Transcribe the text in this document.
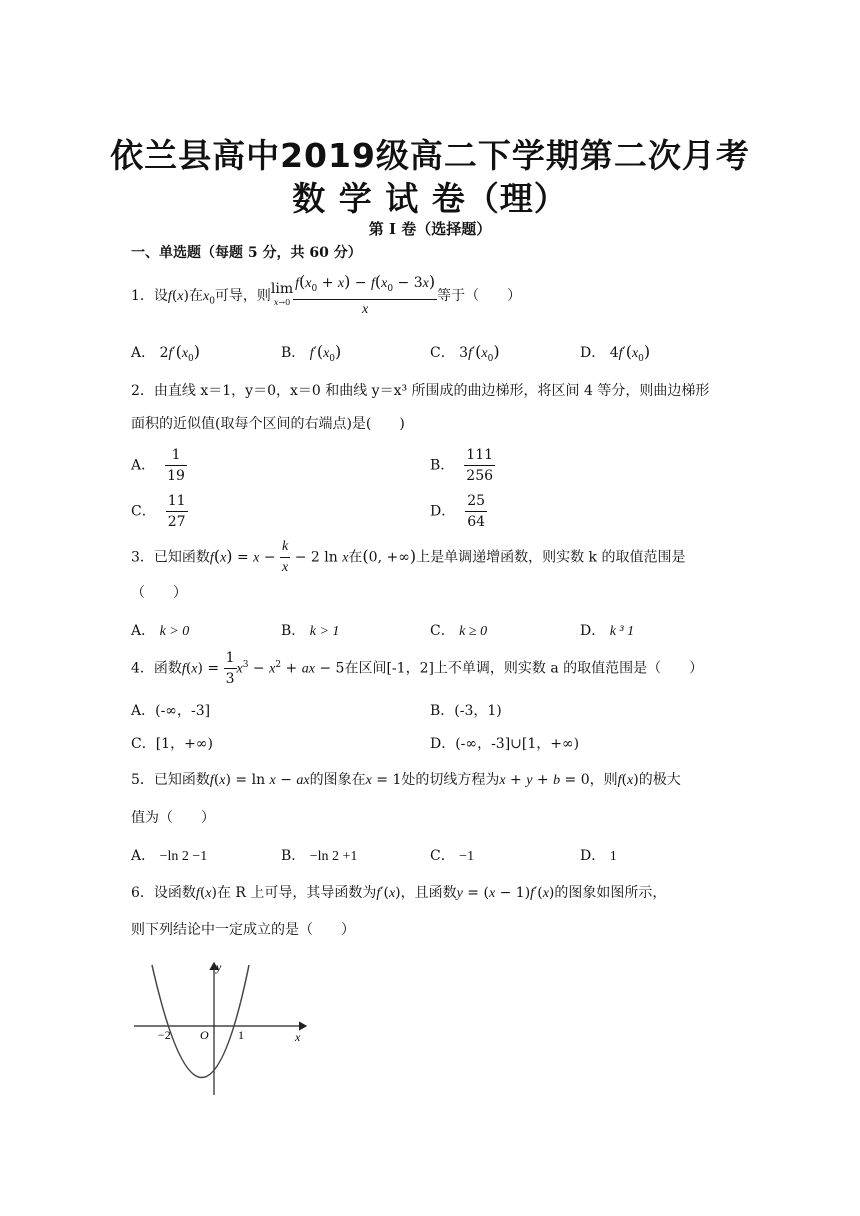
依兰县高中2019级高二下学期第二次月考
数 学 试 卷（理）
第 I 卷（选择题）
一、单选题（每题 5 分，共 60 分）
1．设f(x)在$x_0$可导，则lim
$x\to 0 \frac{f(x_0 + x) - f(x_0 - 3x)}{x}$ 等于（　　）
A． $2f'(x_0)$	B． $f'(x_0)$	C． $3f'(x_0)$	D． $4f'(x_0)$
2．由直线 x＝1，y＝0，x＝0 和曲线 y＝x³ 所围成的曲边梯形，将区间 4 等分，则曲边梯形
面积的近似值(取每个区间的右端点)是(　　)
A． $\frac{1}{19}$	B． $\frac{111}{256}$
C． $\frac{11}{27}$	D． $\frac{25}{64}$
3．已知函数$f(x) = x - \frac{k}{x} - 2$ ln x在(0, +∞)上是单调递增函数，则实数 k 的取值范围是
（　　）
A． k > 0	B． k > 1	C． k ≥ 0	D． k ³ 1
4．函数$f(x) = \frac{1}{3} x^3 - x^2$ + ax − 5在区间[-1，2]上不单调，则实数 a 的取值范围是（　　）
A．(-∞，-3]	B．(-3，1)
C．[1，+∞)	D．(-∞，-3]∪[1，+∞)
5．已知函数f(x) = ln x − ax的图象在x = 1处的切线方程为x + y + b = 0，则f(x)的极大
值为（　　）
A． −ln 2 −1	B． −ln 2 +1	C． −1	D． 1
6．设函数f(x)在 R 上可导，其导函数为f′(x)，且函数y = (x − 1)f′(x)的图象如图所示，
则下列结论中一定成立的是（　　）
y
x
O
−2	1
